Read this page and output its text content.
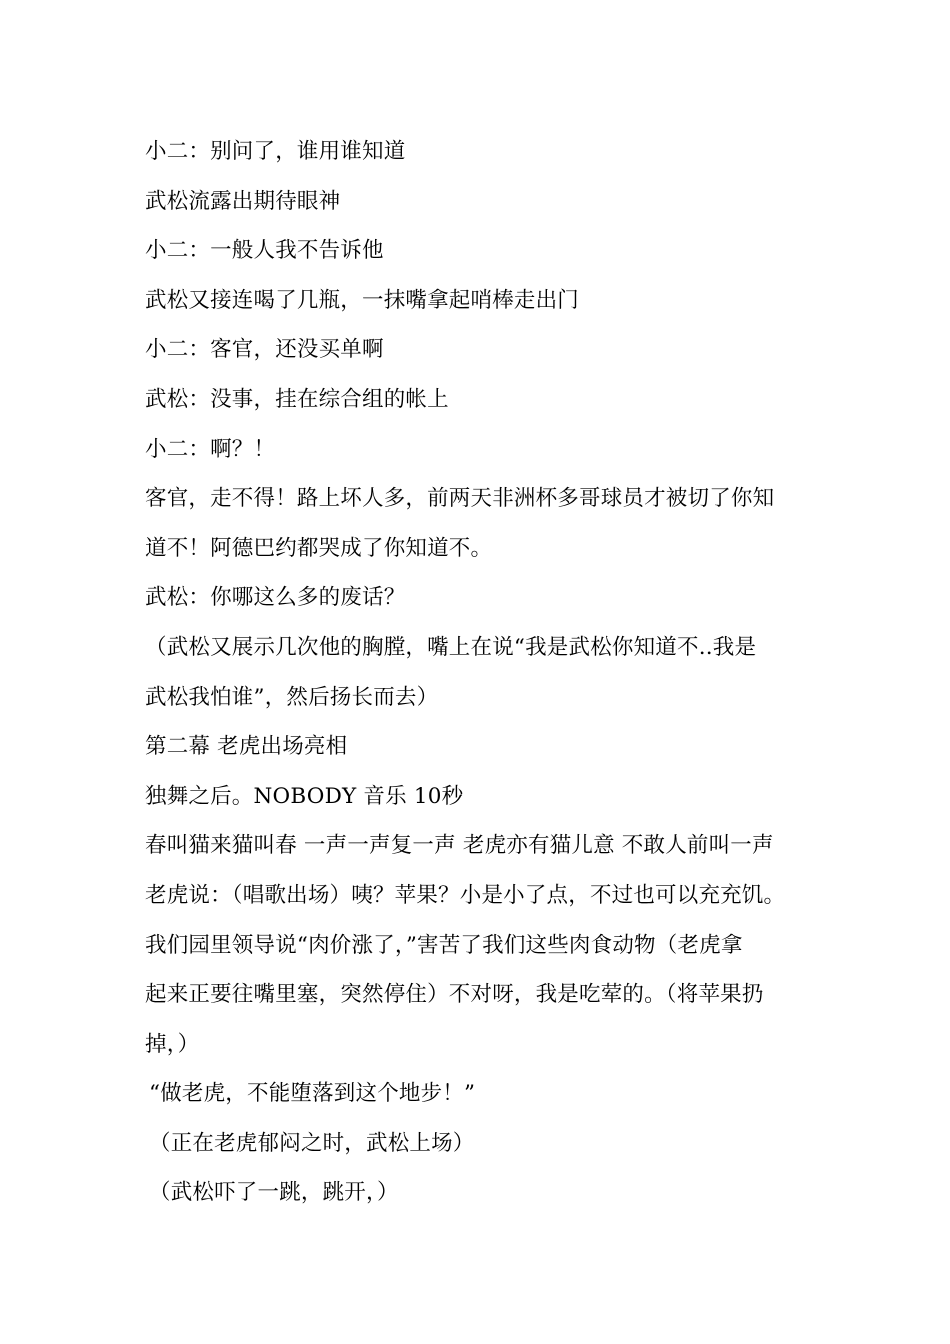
小二：别问了，谁用谁知道
武松流露出期待眼神
小二：一般人我不告诉他
武松又接连喝了几瓶，一抹嘴拿起哨棒走出门
小二：客官，还没买单啊
武松：没事，挂在综合组的帐上
小二：啊？！
客官，走不得！路上坏人多，前两天非洲杯多哥球员才被切了你知
道不！阿德巴约都哭成了你知道不。
武松：你哪这么多的废话？
（武松又展示几次他的胸膛，嘴上在说“我是武松你知道不..我是
武松我怕谁”，然后扬长而去）
第二幕 老虎出场亮相
独舞之后。NOBODY 音乐 10秒
春叫猫来猫叫春 一声一声复一声 老虎亦有猫儿意 不敢人前叫一声
老虎说：（唱歌出场）咦？苹果？小是小了点，不过也可以充充饥。
我们园里领导说“肉价涨了，”害苦了我们这些肉食动物（老虎拿
起来正要往嘴里塞，突然停住）不对呀，我是吃荤的。（将苹果扔
掉，）
“做老虎，不能堕落到这个地步！”
（正在老虎郁闷之时，武松上场）
（武松吓了一跳，跳开，）
